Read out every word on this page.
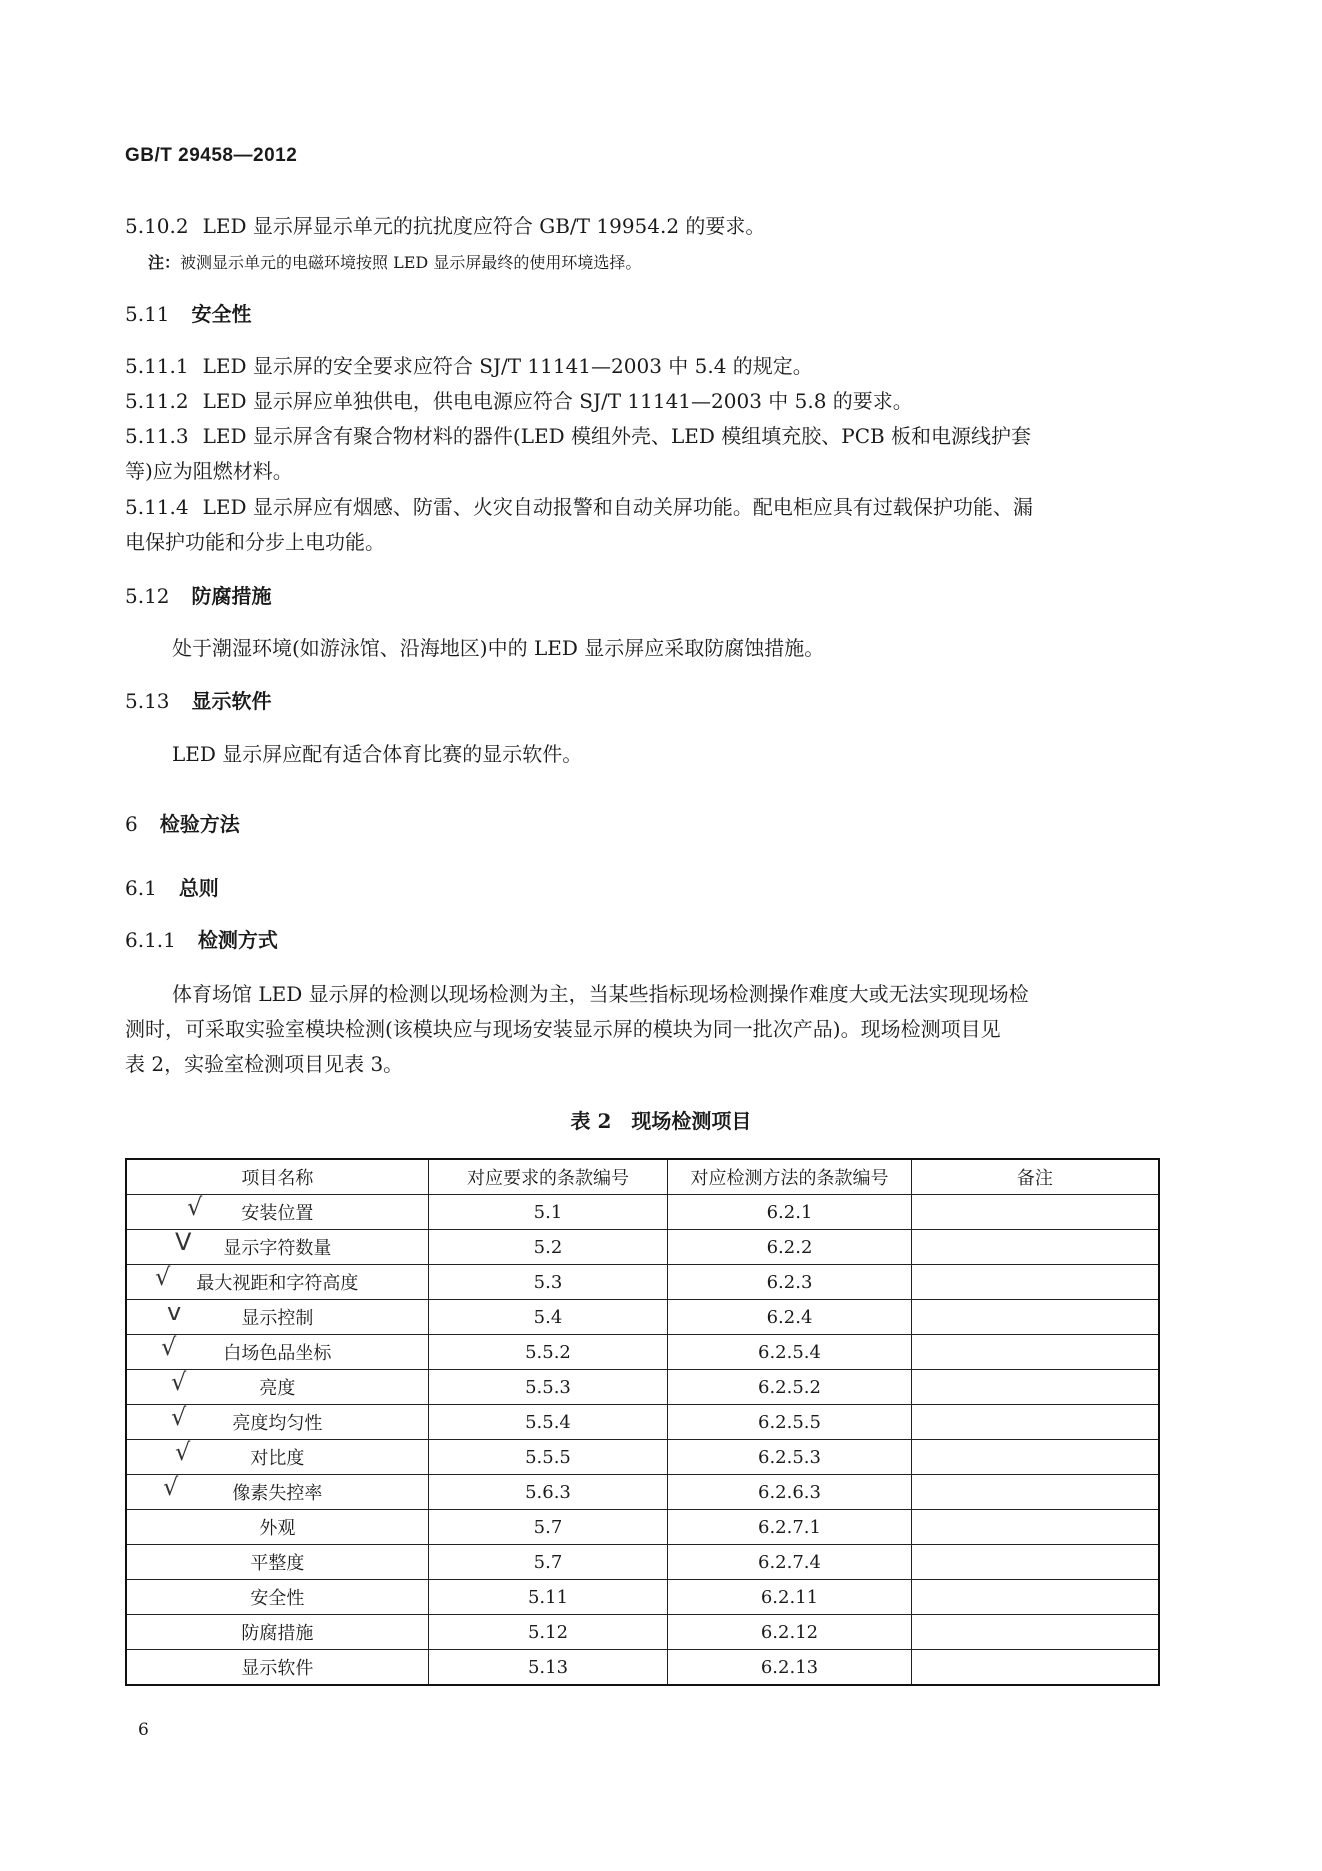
GB/T 29458—2012
5.10.2 LED 显示屏显示单元的抗扰度应符合 GB/T 19954.2 的要求。
注：被测显示单元的电磁环境按照 LED 显示屏最终的使用环境选择。
5.11 安全性
5.11.1 LED 显示屏的安全要求应符合 SJ/T 11141—2003 中 5.4 的规定。
5.11.2 LED 显示屏应单独供电，供电电源应符合 SJ/T 11141—2003 中 5.8 的要求。
5.11.3 LED 显示屏含有聚合物材料的器件(LED 模组外壳、LED 模组填充胶、PCB 板和电源线护套
等)应为阻燃材料。
5.11.4 LED 显示屏应有烟感、防雷、火灾自动报警和自动关屏功能。配电柜应具有过载保护功能、漏
电保护功能和分步上电功能。
5.12 防腐措施
处于潮湿环境(如游泳馆、沿海地区)中的 LED 显示屏应采取防腐蚀措施。
5.13 显示软件
LED 显示屏应配有适合体育比赛的显示软件。
6 检验方法
6.1 总则
6.1.1 检测方式
体育场馆 LED 显示屏的检测以现场检测为主，当某些指标现场检测操作难度大或无法实现现场检
测时，可采取实验室模块检测(该模块应与现场安装显示屏的模块为同一批次产品)。现场检测项目见
表 2，实验室检测项目见表 3。
表 2　现场检测项目
项目名称	对应要求的条款编号	对应检测方法的条款编号	备注

√ 安装位置	5.1	6.2.1	

V 显示字符数量	5.2	6.2.2	

√ 最大视距和字符高度	5.3	6.2.3	

v 显示控制	5.4	6.2.4	

√ 白场色品坐标	5.5.2	6.2.5.4	

√ 亮度	5.5.3	6.2.5.2	

√ 亮度均匀性	5.5.4	6.2.5.5	

√ 对比度	5.5.5	6.2.5.3	

√ 像素失控率	5.6.3	6.2.6.3	
外观	5.7	6.2.7.1	
平整度	5.7	6.2.7.4	
安全性	5.11	6.2.11	
防腐措施	5.12	6.2.12	
显示软件	5.13	6.2.13	
6
